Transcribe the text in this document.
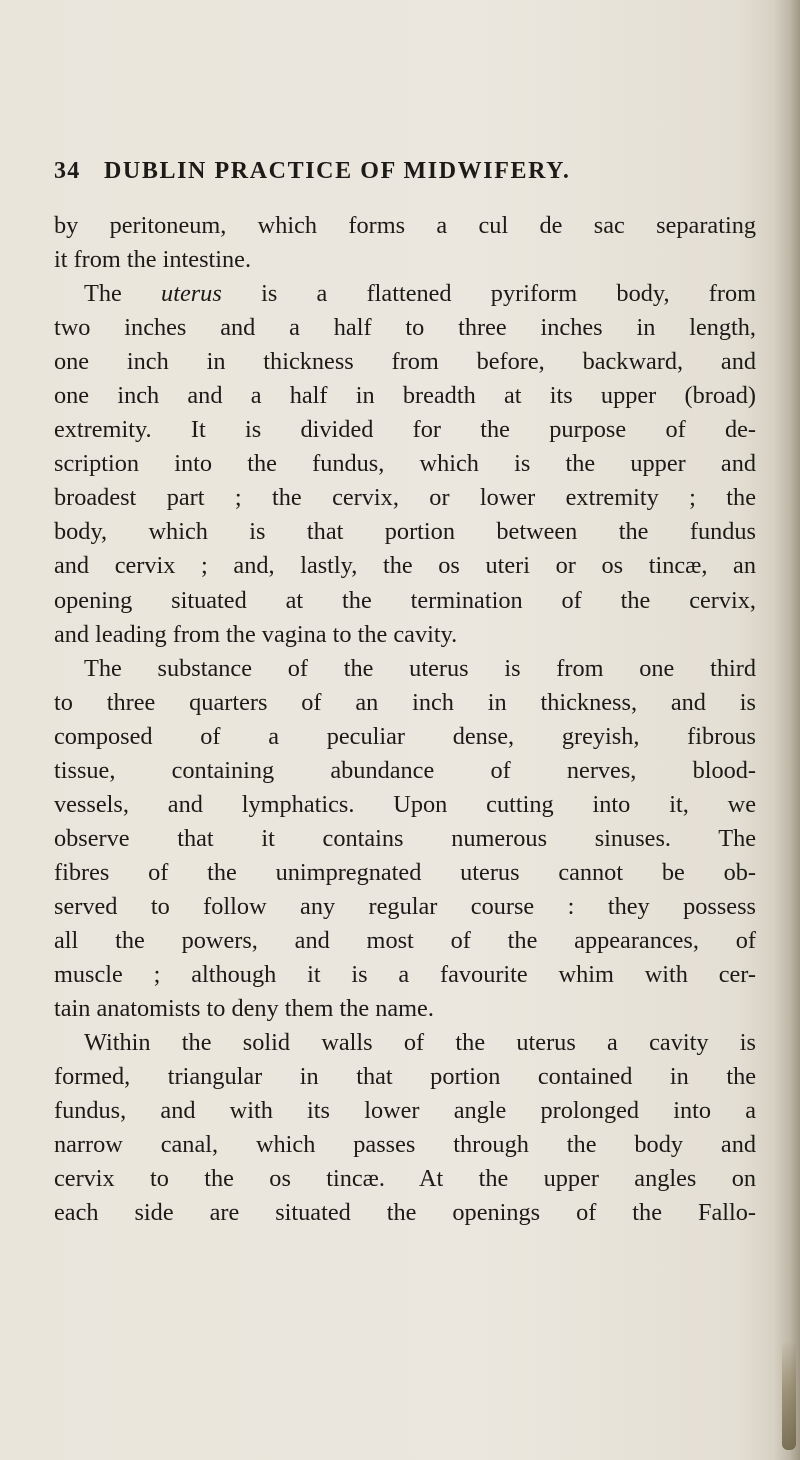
34 DUBLIN PRACTICE OF MIDWIFERY.
by peritoneum, which forms a cul de sac separating
it from the intestine.
The uterus is a flattened pyriform body, from
two inches and a half to three inches in length,
one inch in thickness from before, backward, and
one inch and a half in breadth at its upper (broad)
extremity. It is divided for the purpose of de-
scription into the fundus, which is the upper and
broadest part ; the cervix, or lower extremity ; the
body, which is that portion between the fundus
and cervix ; and, lastly, the os uteri or os tincæ, an
opening situated at the termination of the cervix,
and leading from the vagina to the cavity.
The substance of the uterus is from one third
to three quarters of an inch in thickness, and is
composed of a peculiar dense, greyish, fibrous
tissue, containing abundance of nerves, blood-
vessels, and lymphatics. Upon cutting into it, we
observe that it contains numerous sinuses. The
fibres of the unimpregnated uterus cannot be ob-
served to follow any regular course : they possess
all the powers, and most of the appearances, of
muscle ; although it is a favourite whim with cer-
tain anatomists to deny them the name.
Within the solid walls of the uterus a cavity is
formed, triangular in that portion contained in the
fundus, and with its lower angle prolonged into a
narrow canal, which passes through the body and
cervix to the os tincæ. At the upper angles on
each side are situated the openings of the Fallo-
